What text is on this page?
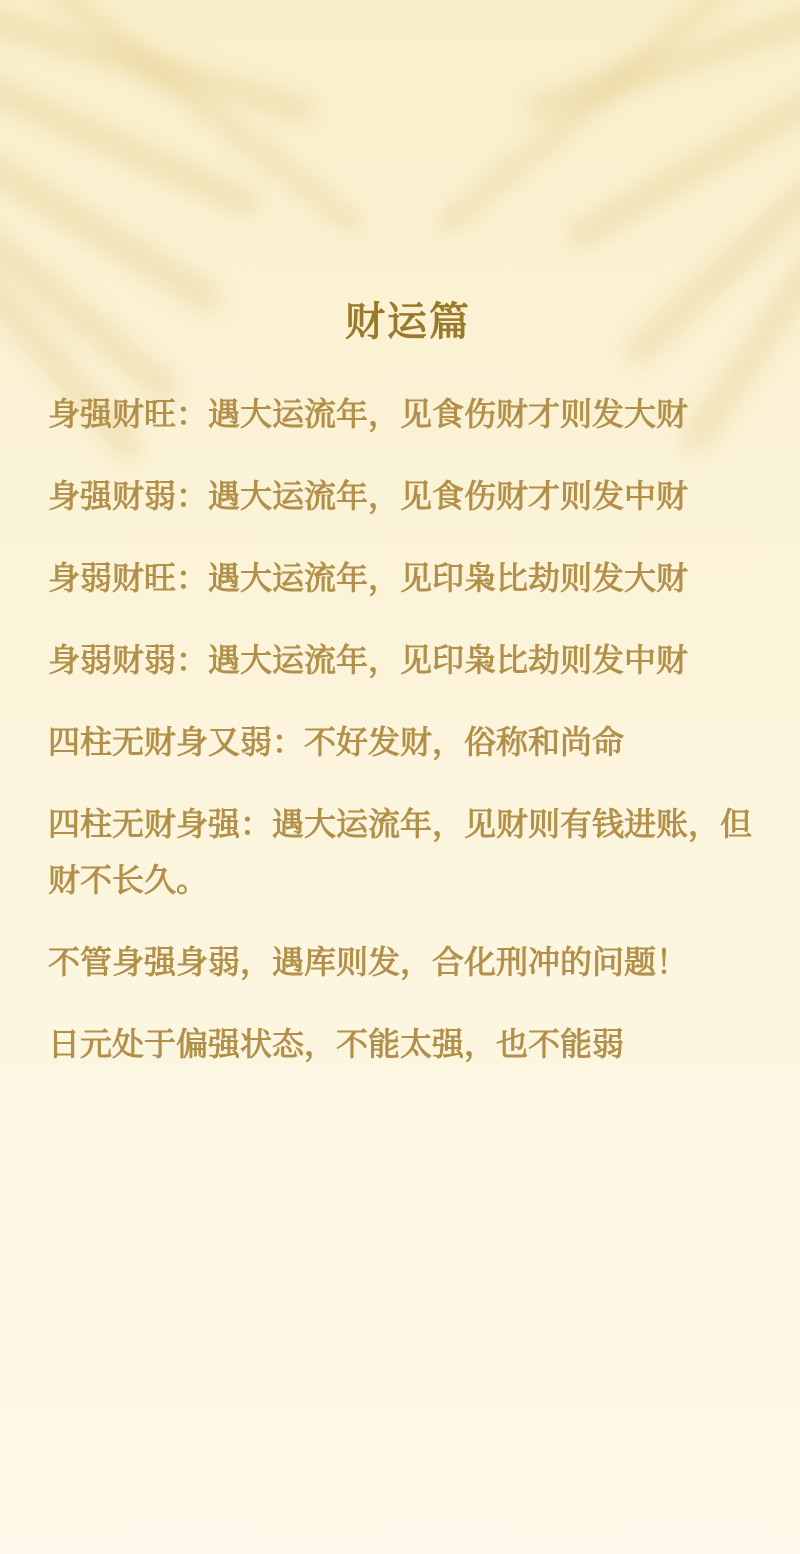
财运篇

身强财旺：遇大运流年，见食伤财才则发大财

身强财弱：遇大运流年，见食伤财才则发中财

身弱财旺：遇大运流年，见印枭比劫则发大财

身弱财弱：遇大运流年，见印枭比劫则发中财

四柱无财身又弱：不好发财，俗称和尚命

四柱无财身强：遇大运流年，见财则有钱进账，但财不长久。

不管身强身弱，遇库则发，合化刑冲的问题！

日元处于偏强状态，不能太强，也不能弱
